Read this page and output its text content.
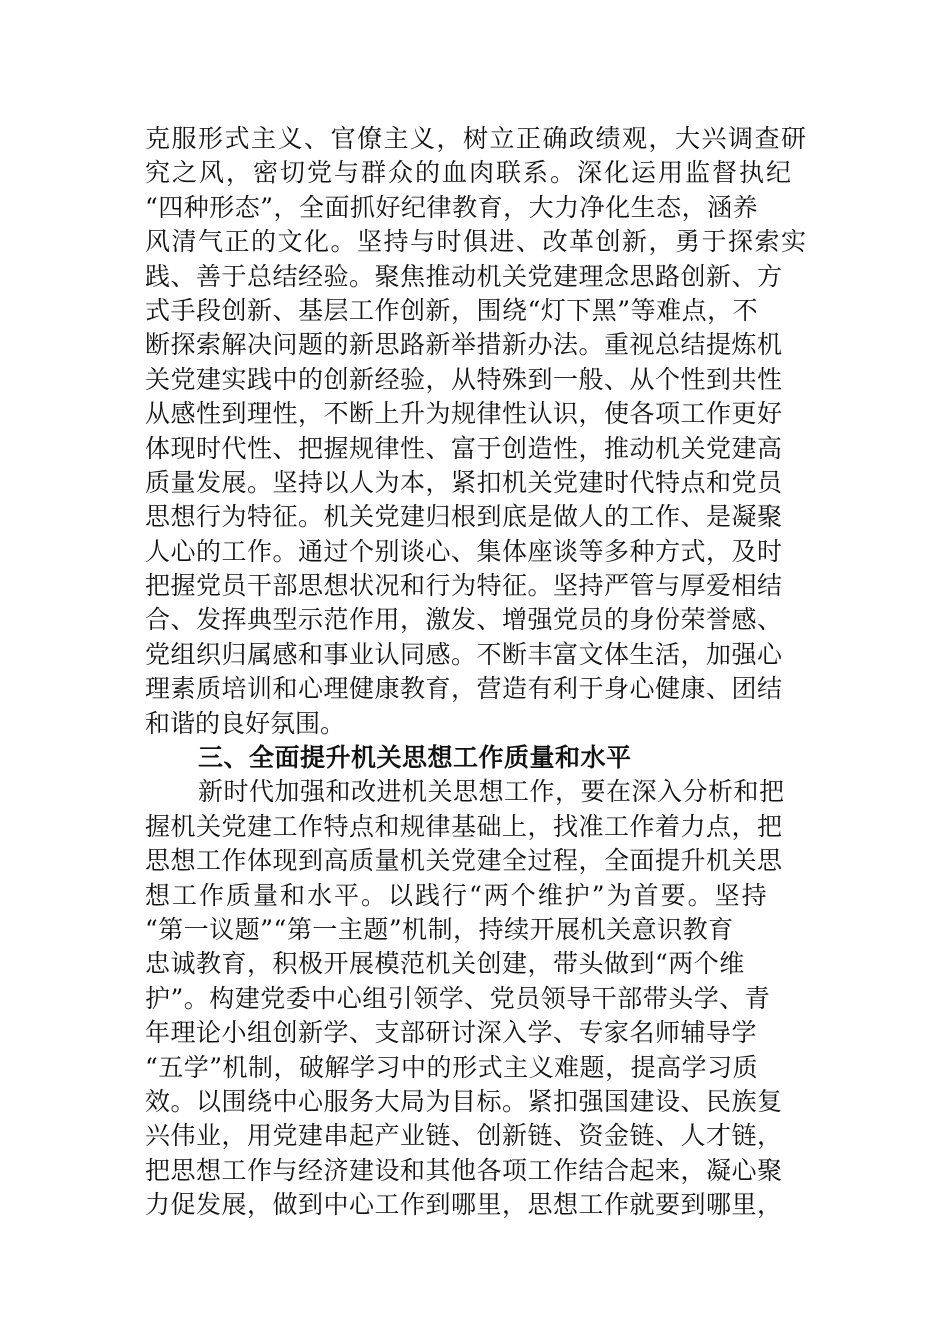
克服形式主义、官僚主义，树立正确政绩观，大兴调查研
究之风，密切党与群众的血肉联系。深化运用监督执纪
“四种形态”，全面抓好纪律教育，大力净化生态，涵养
风清气正的文化。坚持与时俱进、改革创新，勇于探索实
践、善于总结经验。聚焦推动机关党建理念思路创新、方
式手段创新、基层工作创新，围绕“灯下黑”等难点，不
断探索解决问题的新思路新举措新办法。重视总结提炼机
关党建实践中的创新经验，从特殊到一般、从个性到共性
从感性到理性，不断上升为规律性认识，使各项工作更好
体现时代性、把握规律性、富于创造性，推动机关党建高
质量发展。坚持以人为本，紧扣机关党建时代特点和党员
思想行为特征。机关党建归根到底是做人的工作、是凝聚
人心的工作。通过个别谈心、集体座谈等多种方式，及时
把握党员干部思想状况和行为特征。坚持严管与厚爱相结
合、发挥典型示范作用，激发、增强党员的身份荣誉感、
党组织归属感和事业认同感。不断丰富文体生活，加强心
理素质培训和心理健康教育，营造有利于身心健康、团结
和谐的良好氛围。
三、全面提升机关思想工作质量和水平
新时代加强和改进机关思想工作，要在深入分析和把
握机关党建工作特点和规律基础上，找准工作着力点，把
思想工作体现到高质量机关党建全过程，全面提升机关思
想工作质量和水平。以践行“两个维护”为首要。坚持
“第一议题”“第一主题”机制，持续开展机关意识教育
忠诚教育，积极开展模范机关创建，带头做到“两个维
护”。构建党委中心组引领学、党员领导干部带头学、青
年理论小组创新学、支部研讨深入学、专家名师辅导学
“五学”机制，破解学习中的形式主义难题，提高学习质
效。以围绕中心服务大局为目标。紧扣强国建设、民族复
兴伟业，用党建串起产业链、创新链、资金链、人才链，
把思想工作与经济建设和其他各项工作结合起来，凝心聚
力促发展，做到中心工作到哪里，思想工作就要到哪里，
